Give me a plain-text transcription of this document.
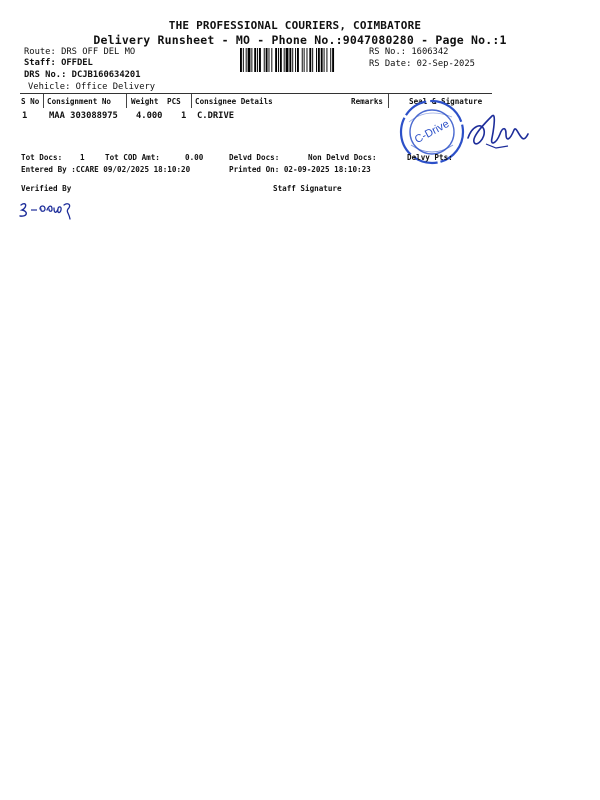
THE PROFESSIONAL COURIERS, COIMBATORE
Delivery Runsheet - MO - Phone No.:9047080280 - Page No.:1
Route: DRS OFF DEL MO
Staff: OFFDEL
DRS No.: DCJB160634201
Vehicle: Office Delivery
RS No.: 1606342
RS Date: 02-Sep-2025
S No Consignment No	Weight PCS Consignee Details	Remarks	Seal & Signature
1 MAA 303088975 4.000 1 C.DRIVE
C-Drive
Tot Docs: 1	Tot COD Amt:	0.00	Delvd Docs:	Non Delvd Docs:	Delvy Pts:
Entered By :CCARE 09/02/2025 18:10:20	Printed On: 02-09-2025 18:10:23
Verified By	Staff Signature
